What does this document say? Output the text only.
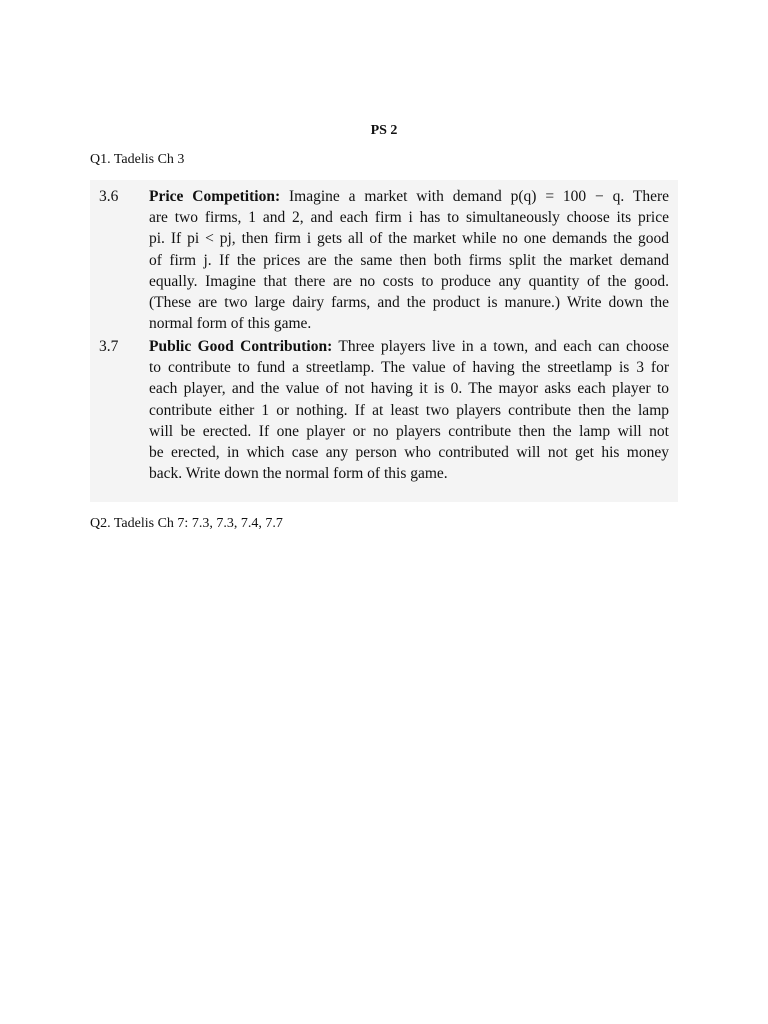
PS 2
Q1. Tadelis Ch 3
3.6 Price Competition: Imagine a market with demand p(q) = 100 − q. There
are two firms, 1 and 2, and each firm i has to simultaneously choose its price
pi. If pi < pj, then firm i gets all of the market while no one demands the good
of firm j. If the prices are the same then both firms split the market demand
equally. Imagine that there are no costs to produce any quantity of the good.
(These are two large dairy farms, and the product is manure.) Write down the
normal form of this game.
3.7 Public Good Contribution: Three players live in a town, and each can choose
to contribute to fund a streetlamp. The value of having the streetlamp is 3 for
each player, and the value of not having it is 0. The mayor asks each player to
contribute either 1 or nothing. If at least two players contribute then the lamp
will be erected. If one player or no players contribute then the lamp will not
be erected, in which case any person who contributed will not get his money
back. Write down the normal form of this game.
Q2. Tadelis Ch 7: 7.3, 7.3, 7.4, 7.7
